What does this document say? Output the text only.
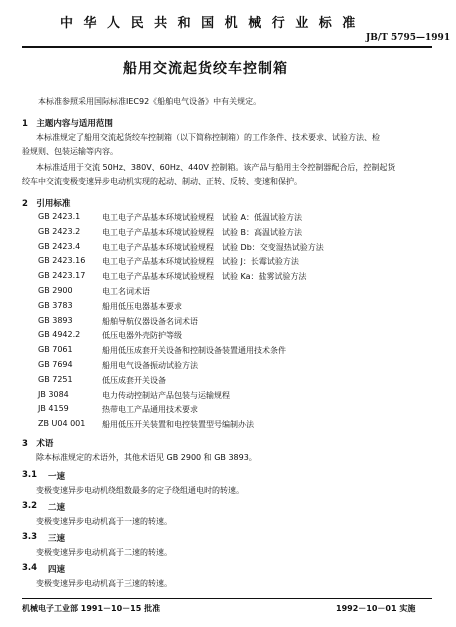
中 华 人 民 共 和 国 机 械 行 业 标 准
JB/T 5795—1991
船用交流起货绞车控制箱
本标准参照采用国际标准IEC92《船舶电气设备》中有关规定。
1　主题内容与适用范围
本标准规定了船用交流起货绞车控制箱（以下简称控制箱）的工作条件、技术要求、试验方法、检
验规则、包装运输等内容。
本标准适用于交流 50Hz、380V、60Hz、440V 控制箱。该产品与船用主令控制器配合后，控制起货
绞车中交流变极变速异步电动机实现的起动、制动、正转、反转、变速和保护。
2　引用标准
GB 2423.1	电工电子产品基本环境试验规程　试验 A：低温试验方法
GB 2423.2	电工电子产品基本环境试验规程　试验 B：高温试验方法
GB 2423.4	电工电子产品基本环境试验规程　试验 Db：交变湿热试验方法
GB 2423.16 电工电子产品基本环境试验规程　试验 J：长霉试验方法
GB 2423.17 电工电子产品基本环境试验规程　试验 Ka：盐雾试验方法
GB 2900	电工名词术语
GB 3783	船用低压电器基本要求
GB 3893	船舶导航仪器设备名词术语
GB 4942.2	低压电器外壳防护等级
GB 7061	船用低压成套开关设备和控制设备装置通用技术条件
GB 7694	船用电气设备振动试验方法
GB 7251	低压成套开关设备
JB 3084	电力传动控制站产品包装与运输规程
JB 4159	热带电工产品通用技术要求
ZB U04 001 船用低压开关装置和电控装置型号编制办法
3　术语
除本标准规定的术语外，其他术语见 GB 2900 和 GB 3893。
3.1 一速
变极变速异步电动机绕组数最多的定子绕组通电时的转速。
3.2 二速
变极变速异步电动机高于一速的转速。
3.3 三速
变极变速异步电动机高于二速的转速。
3.4 四速
变极变速异步电动机高于三速的转速。
机械电子工业部 1991－10－15 批准	1992－10－01 实施
